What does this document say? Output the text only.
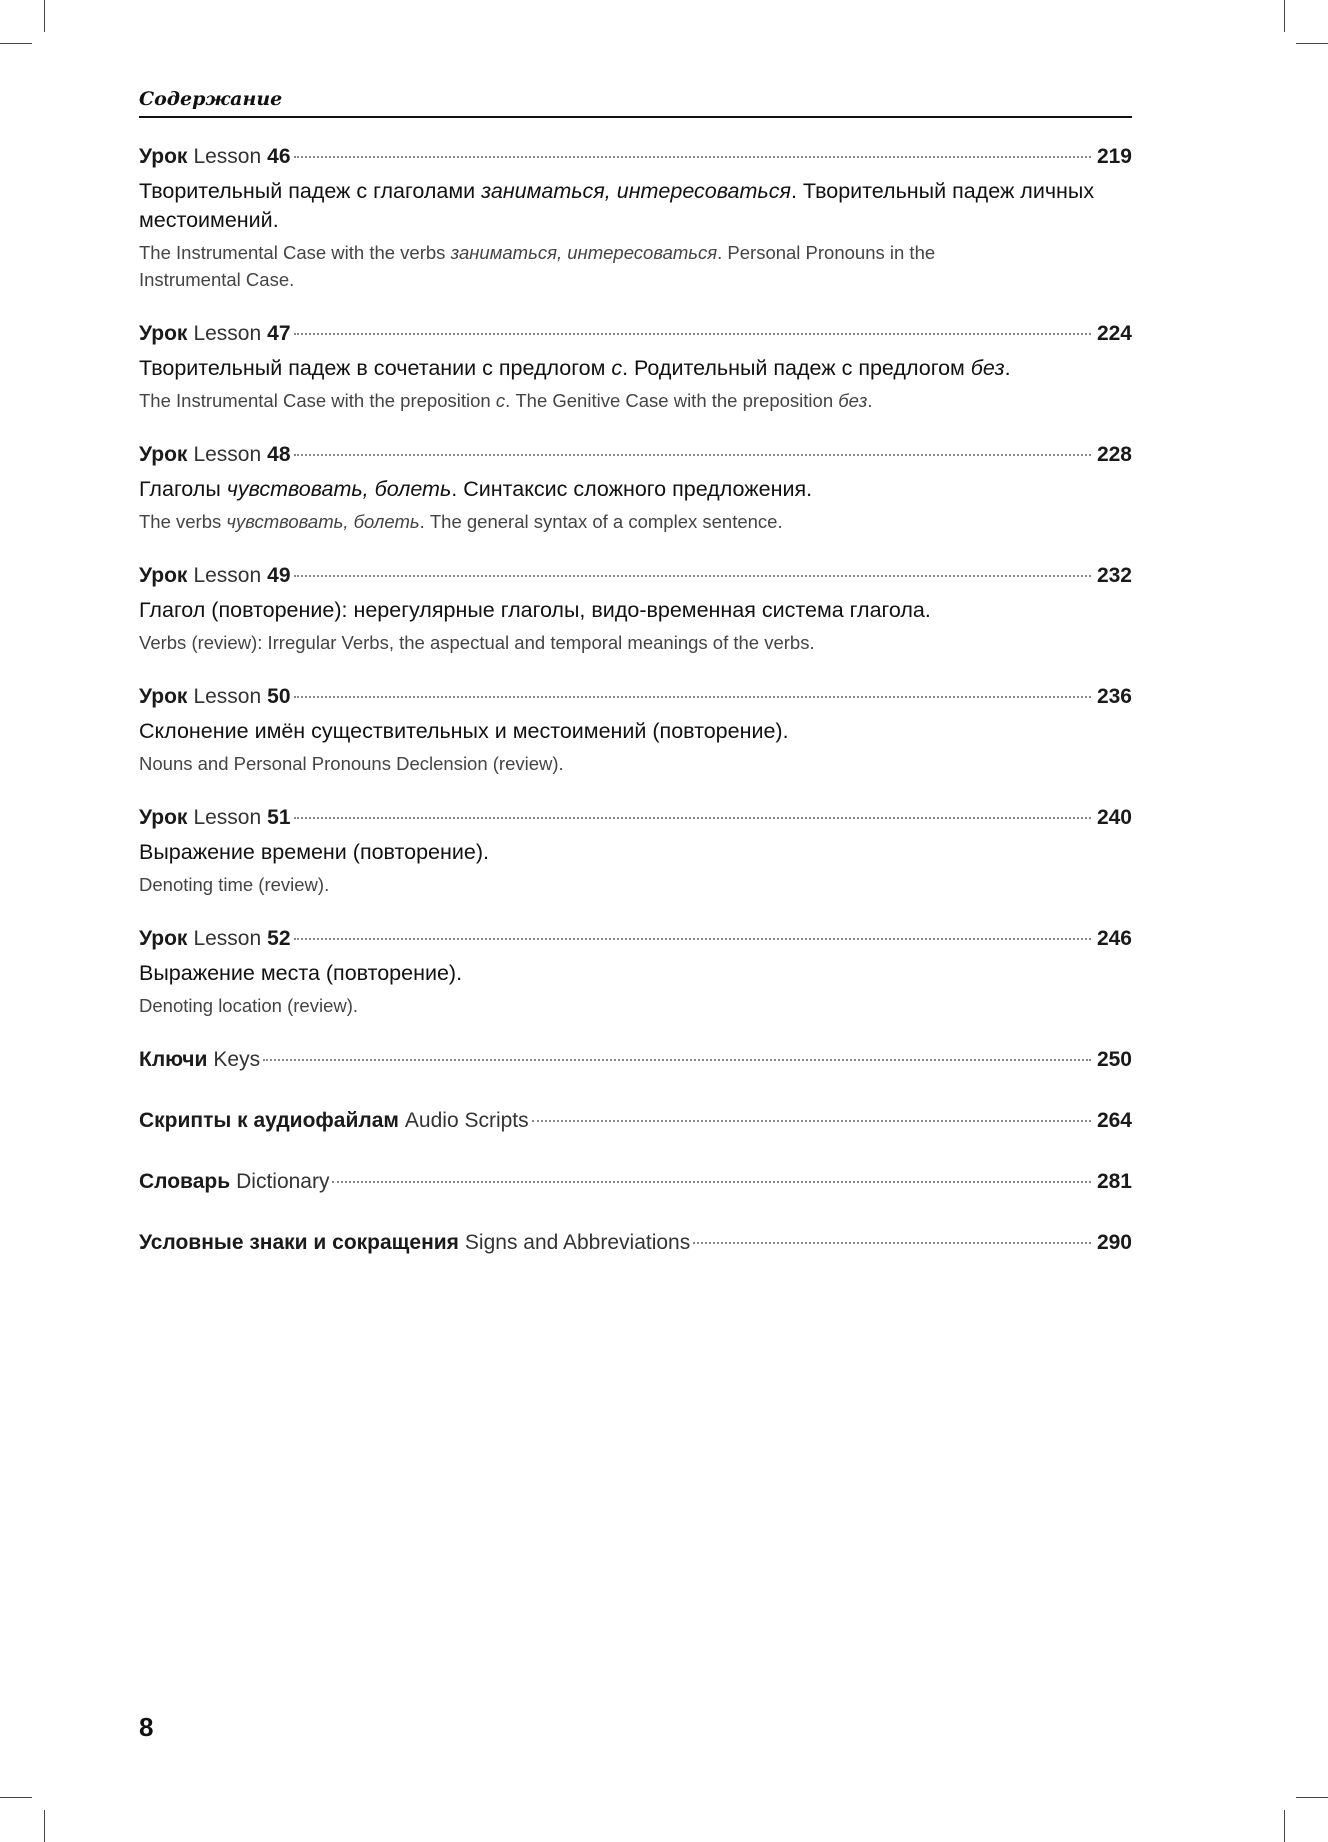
Содержание
Урок Lesson 46	219
Творительный падеж с глаголами заниматься, интересоваться. Творительный падеж личных местоимений.
The Instrumental Case with the verbs заниматься, интересоваться. Personal Pronouns in the Instrumental Case.
Урок Lesson 47	224
Творительный падеж в сочетании с предлогом с. Родительный падеж с предлогом без.
The Instrumental Case with the preposition с. The Genitive Case with the preposition без.
Урок Lesson 48	228
Глаголы чувствовать, болеть. Синтаксис сложного предложения.
The verbs чувствовать, болеть. The general syntax of a complex sentence.
Урок Lesson 49	232
Глагол (повторение): нерегулярные глаголы, видо-временная система глагола.
Verbs (review): Irregular Verbs, the aspectual and temporal meanings of the verbs.
Урок Lesson 50	236
Склонение имён существительных и местоимений (повторение).
Nouns and Personal Pronouns Declension (review).
Урок Lesson 51	240
Выражение времени (повторение).
Denoting time (review).
Урок Lesson 52	246
Выражение места (повторение).
Denoting location (review).
Ключи Keys	250
Скрипты к аудиофайлам Audio Scripts	264
Словарь Dictionary	281
Условные знаки и сокращения Signs and Abbreviations	290
8
